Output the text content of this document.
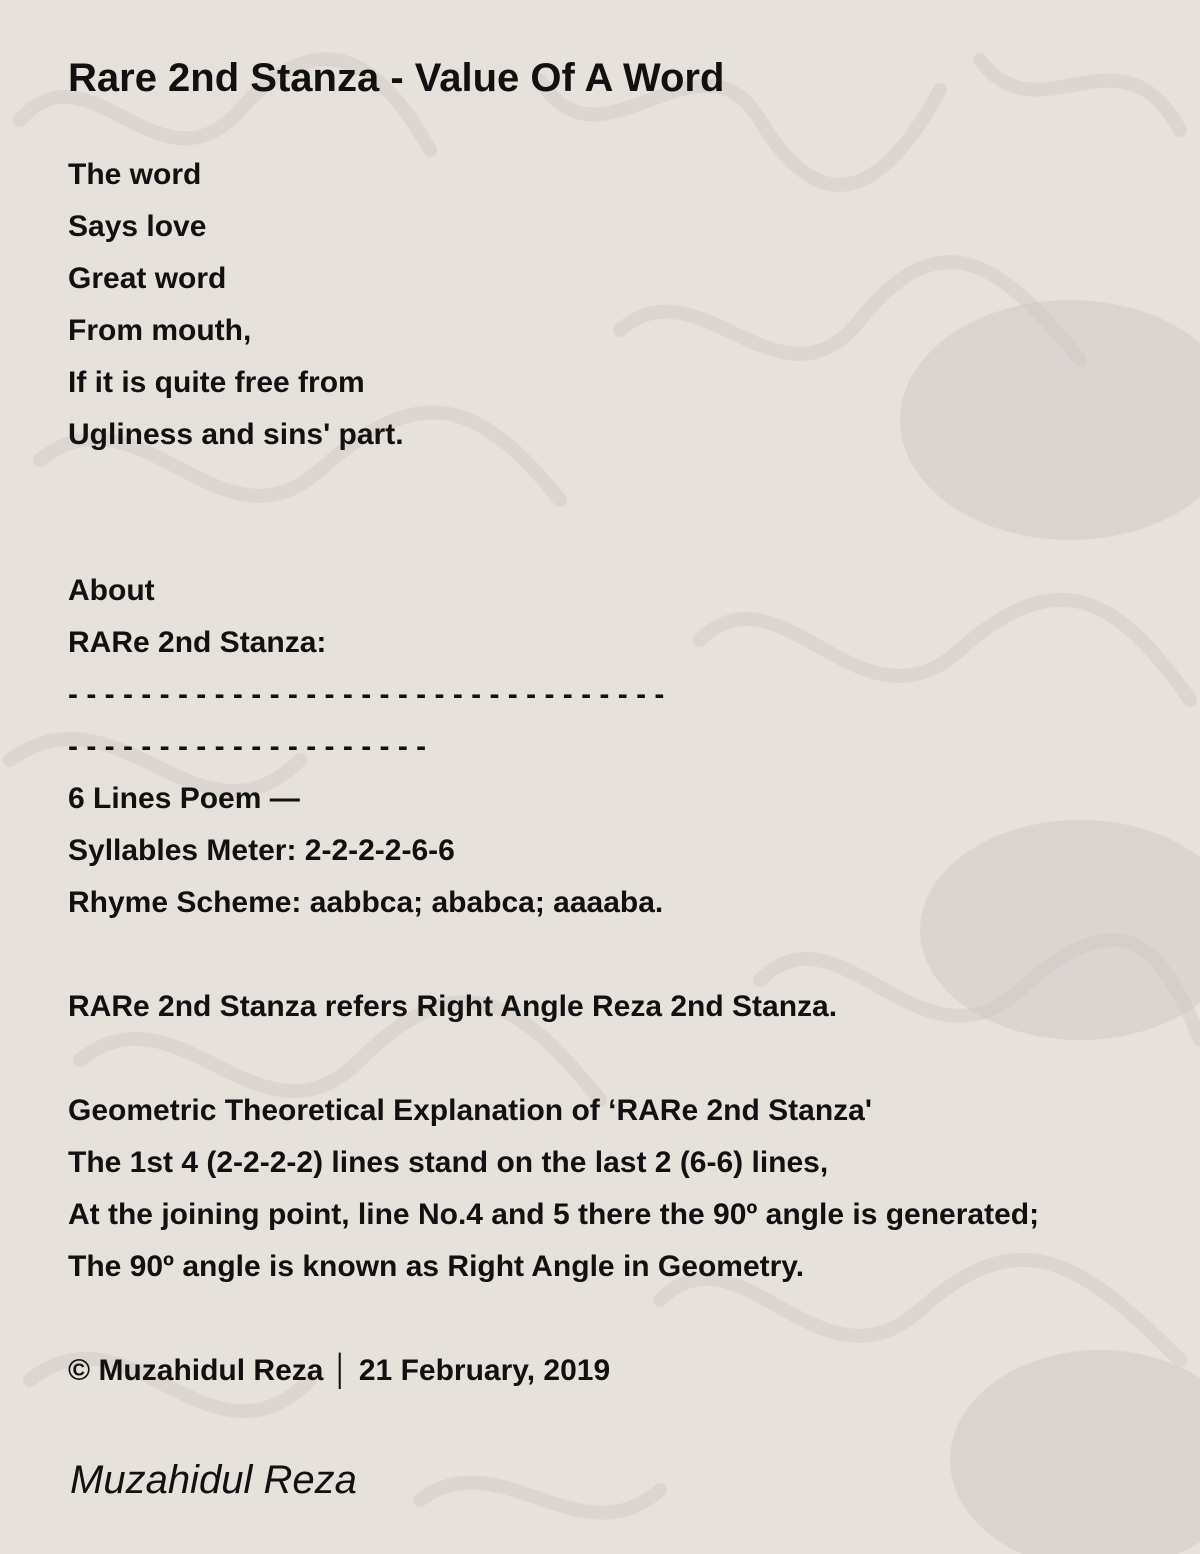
Rare 2nd Stanza - Value Of A Word
The word
Says love
Great word
From mouth,
If it is quite free from
Ugliness and sins' part.
About
RARe 2nd Stanza:
- - - - - - - - - - - - - - - - - - - - - - - - - - - - - - - - -
- - - - - - - - - - - - - - - - - - - -
6 Lines Poem —
Syllables Meter: 2-2-2-2-6-6
Rhyme Scheme: aabbca; ababca; aaaaba.
RARe 2nd Stanza refers Right Angle Reza 2nd Stanza.
Geometric Theoretical Explanation of ‘RARe 2nd Stanza'
The 1st 4 (2-2-2-2) lines stand on the last 2 (6-6) lines,
At the joining point, line No.4 and 5 there the 90º angle is generated;
The 90º angle is known as Right Angle in Geometry.
© Muzahidul Reza │ 21 February, 2019
Muzahidul Reza
